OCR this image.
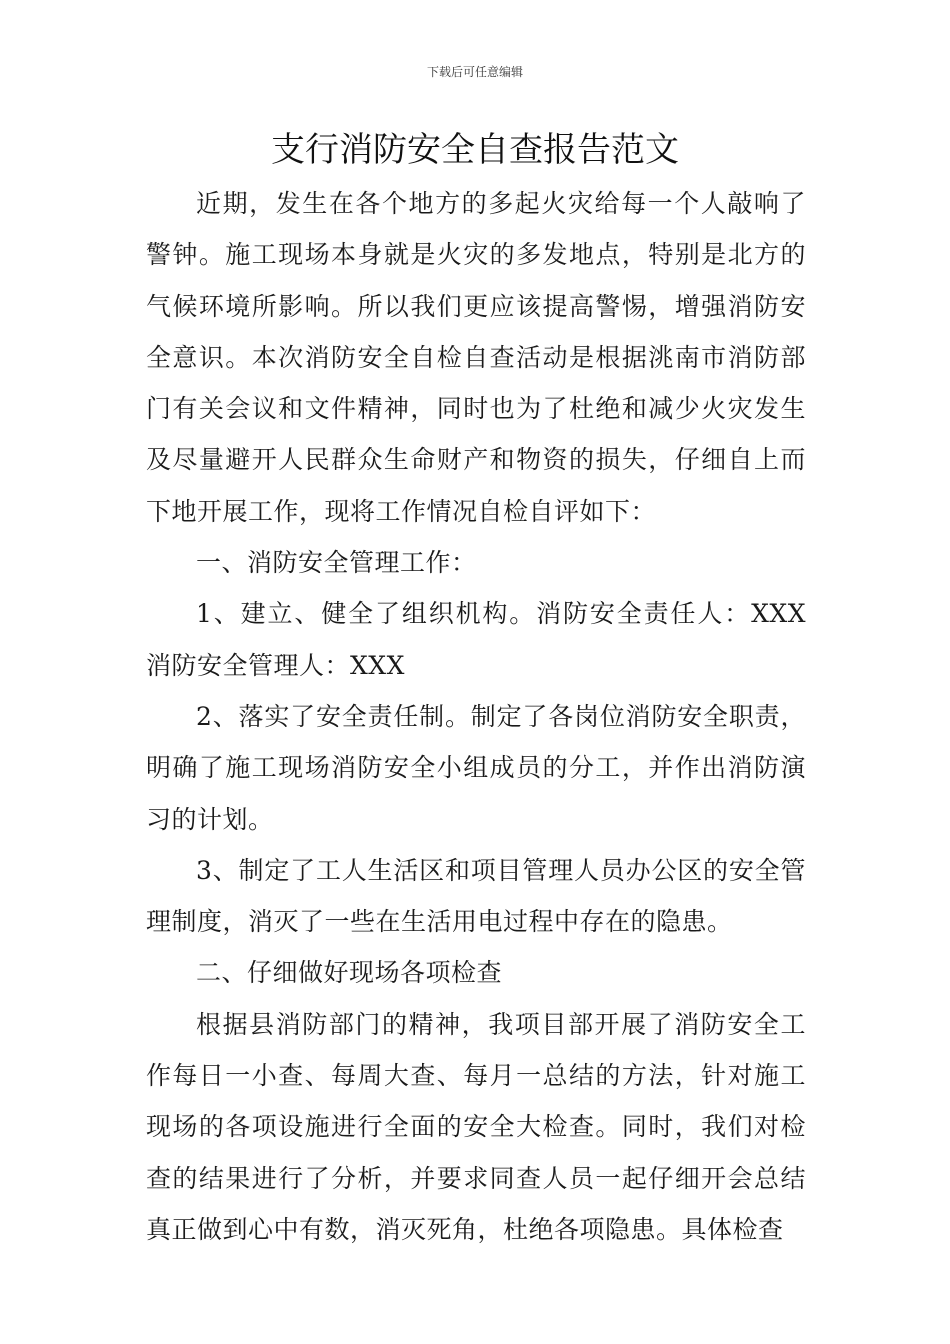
下载后可任意编辑
支行消防安全自查报告范文

近期，发生在各个地方的多起火灾给每一个人敲响了警钟。施工现场本身就是火灾的多发地点，特别是北方的气候环境所影响。所以我们更应该提高警惕，增强消防安全意识。本次消防安全自检自查活动是根据洮南市消防部门有关会议和文件精神，同时也为了杜绝和减少火灾发生及尽量避开人民群众生命财产和物资的损失，仔细自上而下地开展工作，现将工作情况自检自评如下：

一、消防安全管理工作：

1、建立、健全了组织机构。消防安全责任人：XXX 消防安全管理人：XXX

2、落实了安全责任制。制定了各岗位消防安全职责，明确了施工现场消防安全小组成员的分工，并作出消防演习的计划。

3、制定了工人生活区和项目管理人员办公区的安全管理制度，消灭了一些在生活用电过程中存在的隐患。

二、仔细做好现场各项检查

根据县消防部门的精神，我项目部开展了消防安全工作每日一小查、每周大查、每月一总结的方法，针对施工现场的各项设施进行全面的安全大检查。同时，我们对检查的结果进行了分析，并要求同查人员一起仔细开会总结真正做到心中有数，消灭死角，杜绝各项隐患。具体检查
